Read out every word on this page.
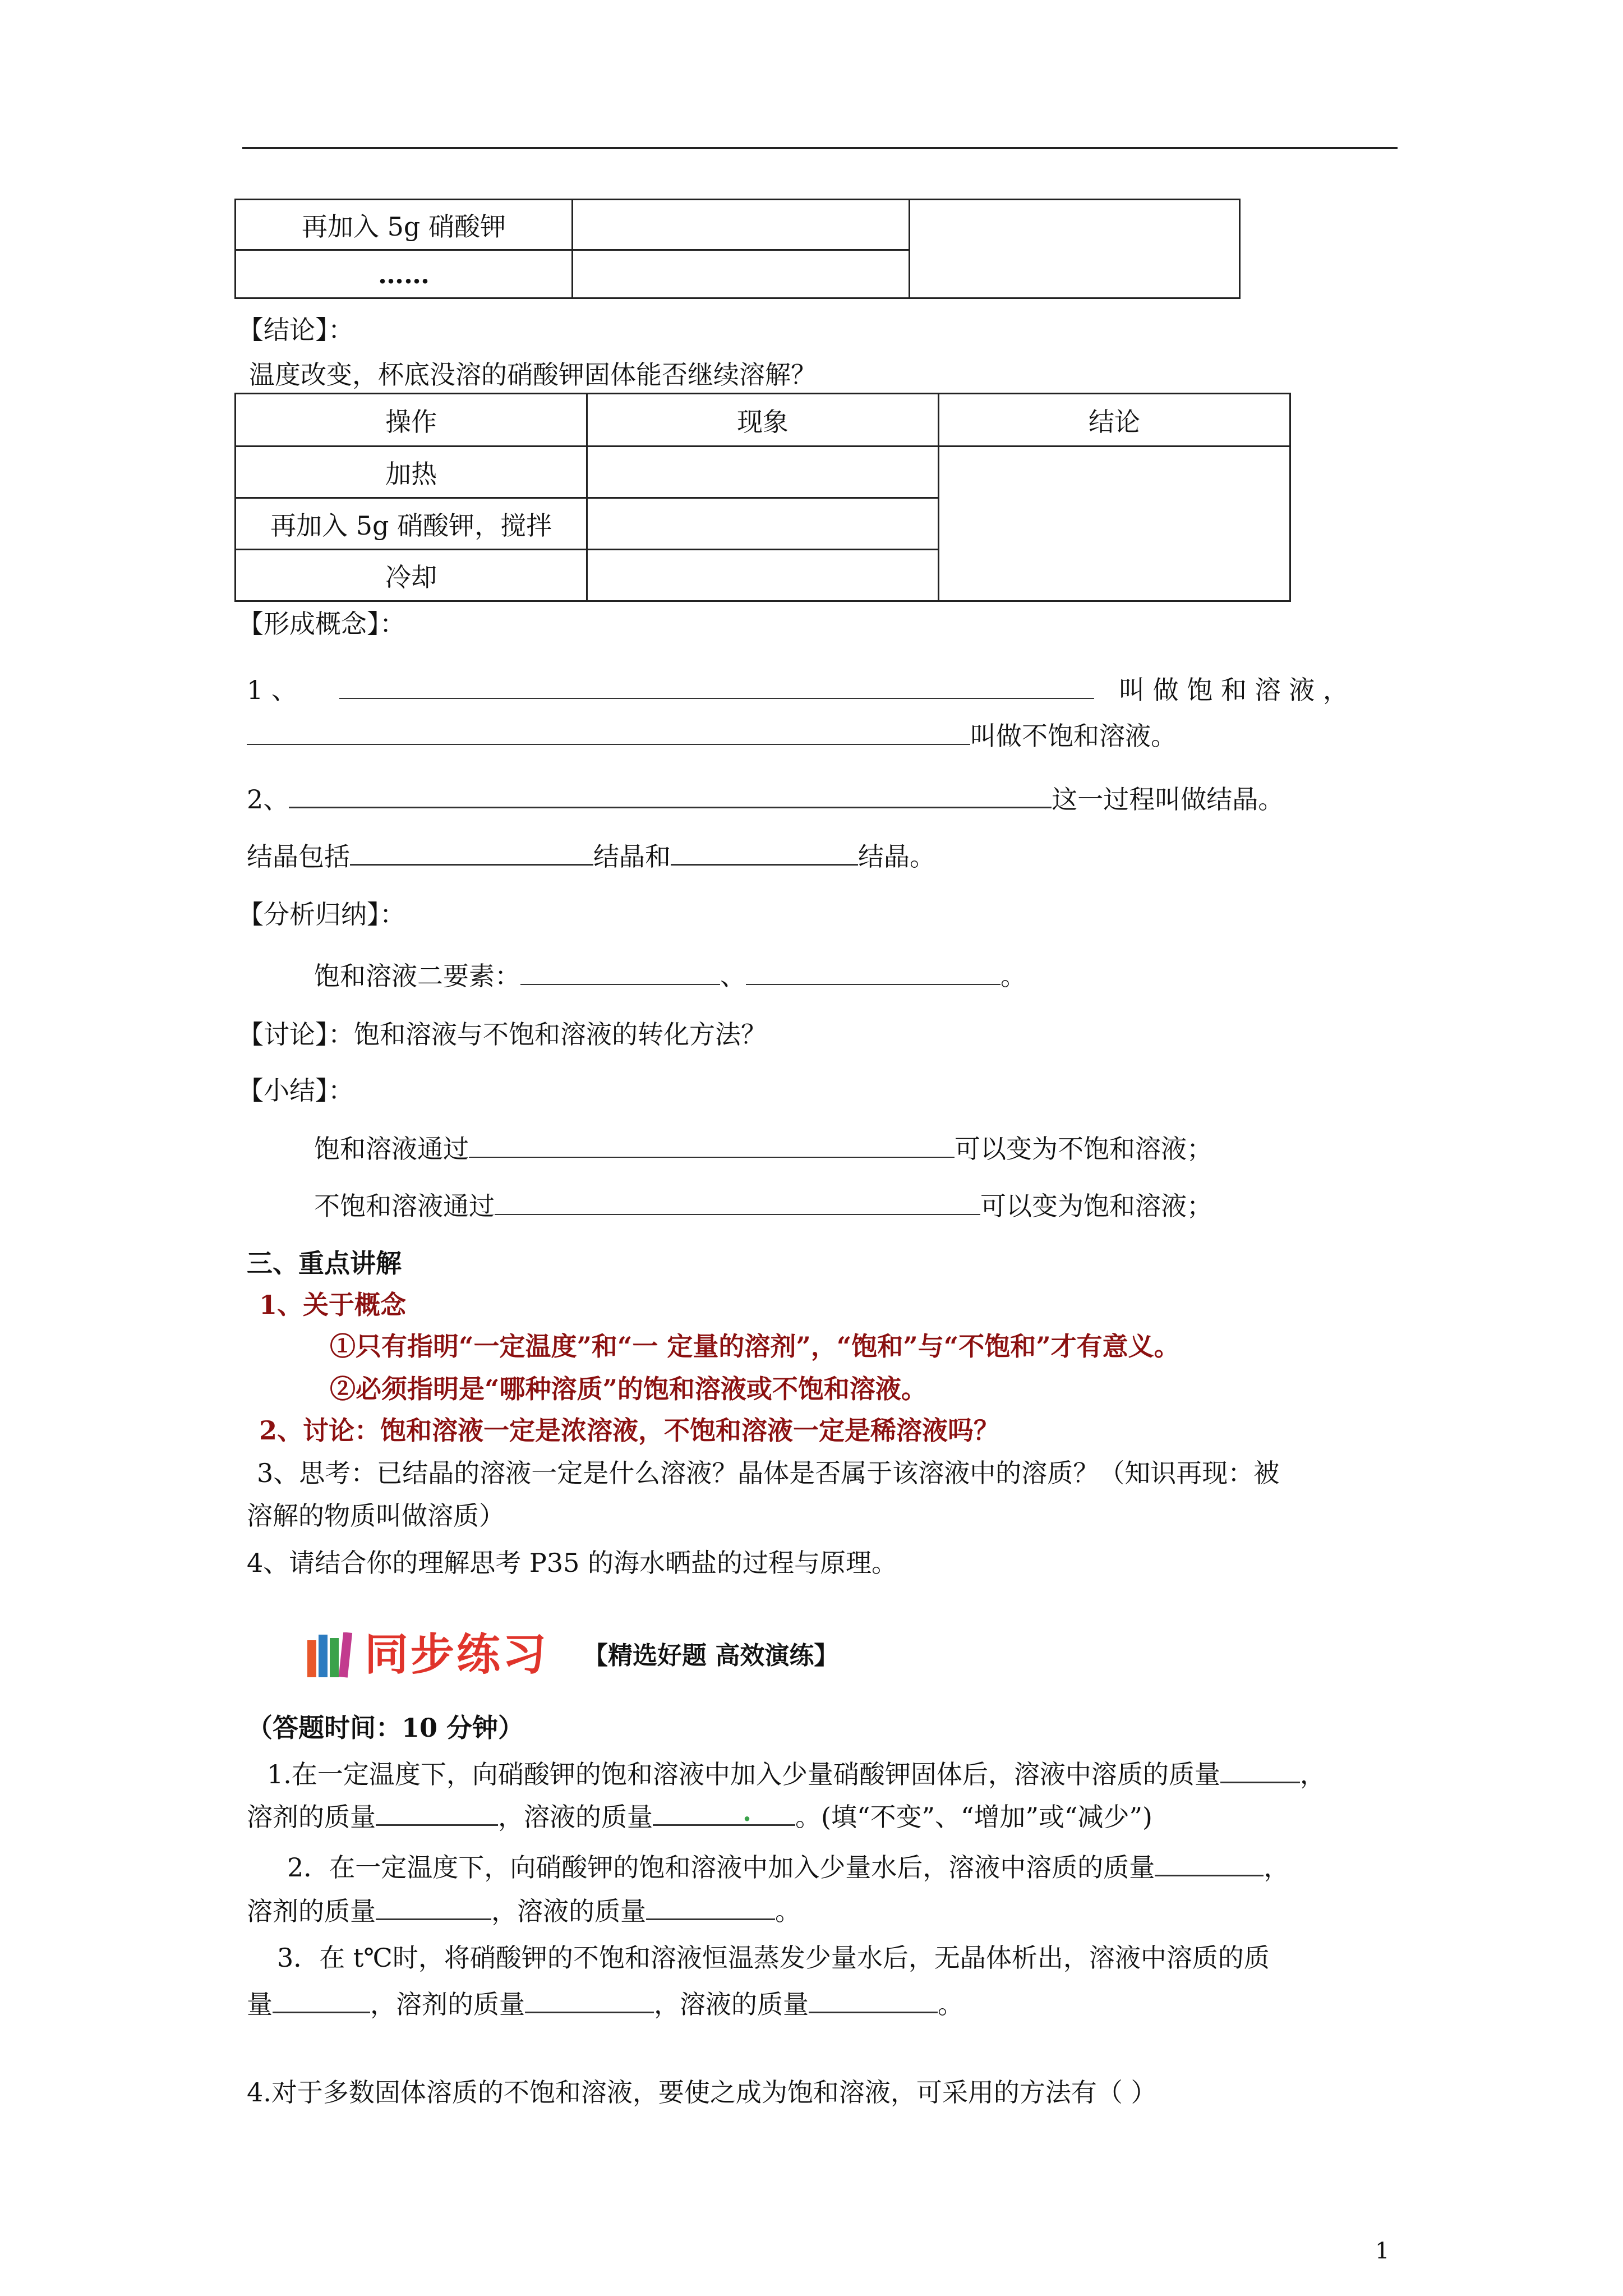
再加入 5g 硝酸钾		
……		
【结论】：
温度改变，杯底没溶的硝酸钾固体能否继续溶解？
操作	现象	结论
加热		
再加入 5g 硝酸钾，搅拌		
冷却		
【形成概念】：
1 、	叫 做 饱 和 溶 液 ，
叫做不饱和溶液。
2、	这一过程叫做结晶。
结晶包括	结晶和	结晶。
【分析归纳】：
饱和溶液二要素：	、	。
【讨论】：饱和溶液与不饱和溶液的转化方法？
【小结】：
饱和溶液通过	可以变为不饱和溶液；
不饱和溶液通过	可以变为饱和溶液；
三、重点讲解
1、关于概念
①只有指明“一定温度”和“一 定量的溶剂”，“饱和”与“不饱和”才有意义。
②必须指明是“哪种溶质”的饱和溶液或不饱和溶液。
2、讨论：饱和溶液一定是浓溶液，不饱和溶液一定是稀溶液吗？
3、思考：已结晶的溶液一定是什么溶液？晶体是否属于该溶液中的溶质？（知识再现：被
溶解的物质叫做溶质）
4、请结合你的理解思考 P35 的海水晒盐的过程与原理。
同步练习 【精选好题 高效演练】
（答题时间：10 分钟）
1.在一定温度下，向硝酸钾的饱和溶液中加入少量硝酸钾固体后，溶液中溶质的质量	，
溶剂的质量	，溶液的质量	. 。(填“不变”、“增加”或“减少”)
2．在一定温度下，向硝酸钾的饱和溶液中加入少量水后，溶液中溶质的质量	，
溶剂的质量	，溶液的质量	。
3．在 t℃时，将硝酸钾的不饱和溶液恒温蒸发少量水后，无晶体析出，溶液中溶质的质
量	，溶剂的质量	，溶液的质量	。
4.对于多数固体溶质的不饱和溶液，要使之成为饱和溶液，可采用的方法有（ ）
1
